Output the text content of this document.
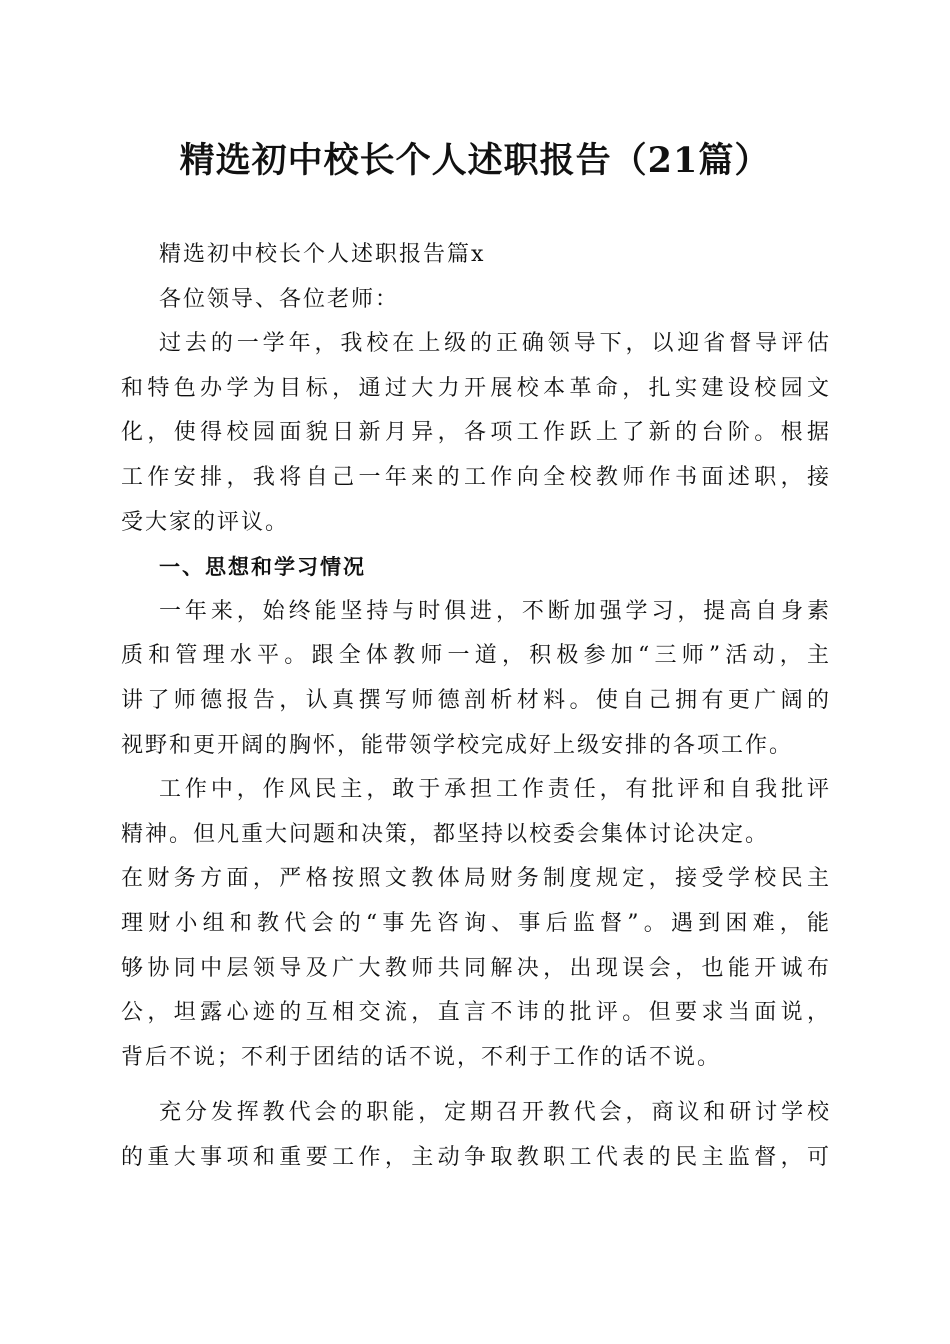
精选初中校长个人述职报告（21篇）
精选初中校长个人述职报告篇x
各位领导、各位老师：
过去的一学年，我校在上级的正确领导下，以迎省督导评估
和特色办学为目标，通过大力开展校本革命，扎实建设校园文
化，使得校园面貌日新月异，各项工作跃上了新的台阶。根据
工作安排，我将自己一年来的工作向全校教师作书面述职，接
受大家的评议。
一、思想和学习情况
一年来，始终能坚持与时俱进，不断加强学习，提高自身素
质和管理水平。跟全体教师一道，积极参加“三师”活动，主
讲了师德报告，认真撰写师德剖析材料。使自己拥有更广阔的
视野和更开阔的胸怀，能带领学校完成好上级安排的各项工作。
工作中，作风民主，敢于承担工作责任，有批评和自我批评
精神。但凡重大问题和决策，都坚持以校委会集体讨论决定。
在财务方面，严格按照文教体局财务制度规定，接受学校民主
理财小组和教代会的“事先咨询、事后监督”。遇到困难，能
够协同中层领导及广大教师共同解决，出现误会，也能开诚布
公，坦露心迹的互相交流，直言不讳的批评。但要求当面说，
背后不说；不利于团结的话不说，不利于工作的话不说。
充分发挥教代会的职能，定期召开教代会，商议和研讨学校
的重大事项和重要工作，主动争取教职工代表的民主监督，可
